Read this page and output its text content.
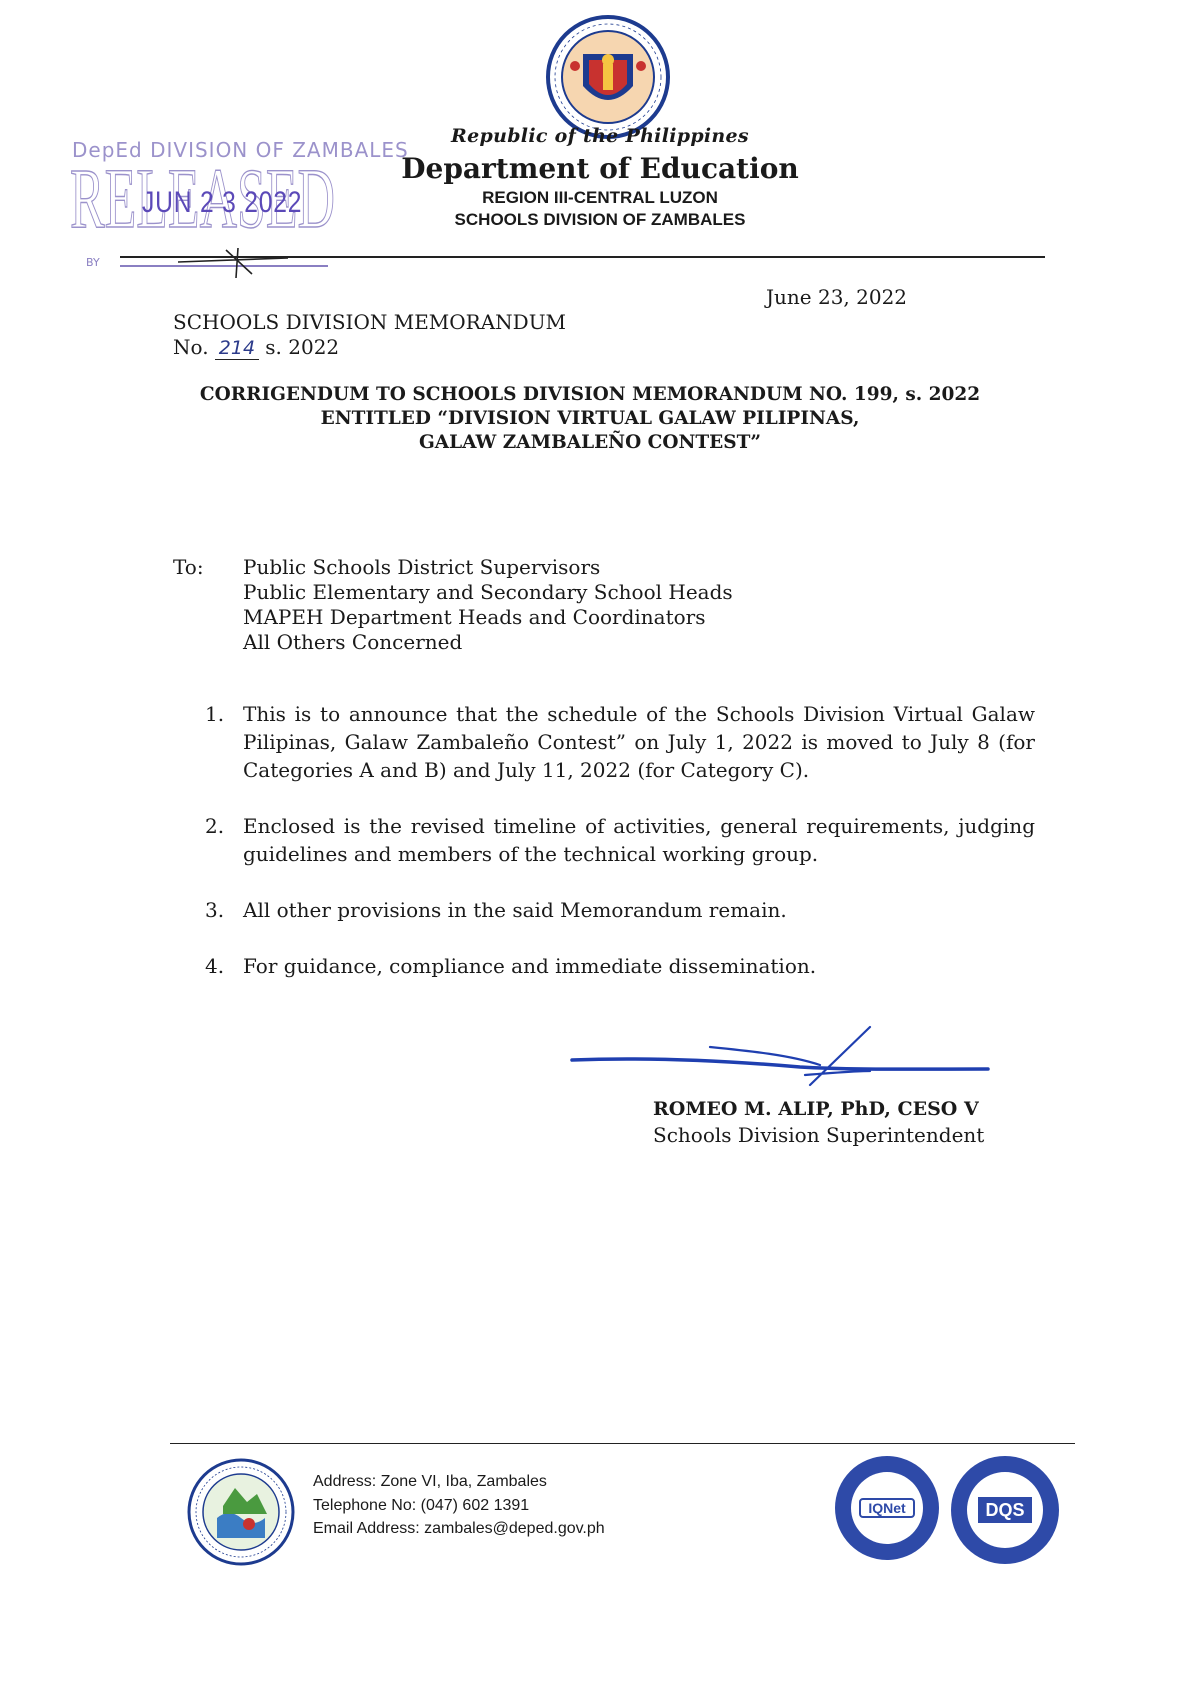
Republic of the Philippines
Department of Education
REGION III-CENTRAL LUZON
SCHOOLS DIVISION OF ZAMBALES
DepEd DIVISION OF ZAMBALES
RELEASED
JUN 2 3 2022
BY
June 23, 2022
SCHOOLS DIVISION MEMORANDUM
No. 214 s. 2022
CORRIGENDUM TO SCHOOLS DIVISION MEMORANDUM NO. 199, s. 2022
ENTITLED “DIVISION VIRTUAL GALAW PILIPINAS,
GALAW ZAMBALEÑO CONTEST”
To: Public Schools District Supervisors
Public Elementary and Secondary School Heads
MAPEH Department Heads and Coordinators
All Others Concerned
1. This is to announce that the schedule of the Schools Division Virtual Galaw Pilipinas, Galaw Zambaleño Contest” on July 1, 2022 is moved to July 8 (for Categories A and B) and July 11, 2022 (for Category C).
2. Enclosed is the revised timeline of activities, general requirements, judging guidelines and members of the technical working group.
3. All other provisions in the said Memorandum remain.
4. For guidance, compliance and immediate dissemination.
ROMEO M. ALIP, PhD, CESO V
Schools Division Superintendent
Address: Zone VI, Iba, Zambales
Telephone No: (047) 602 1391
Email Address: zambales@deped.gov.ph
IQNet	DQS
